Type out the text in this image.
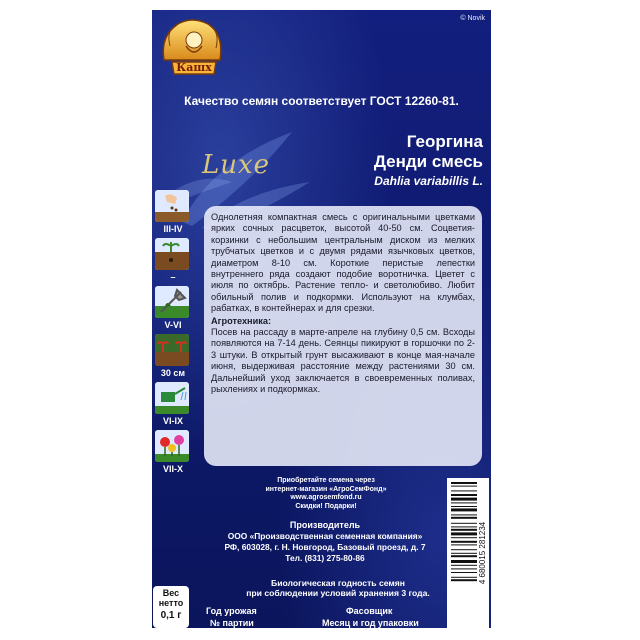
© Novik
Кашх
Качество семян соответствует ГОСТ 12260-81.
Luxe
Георгина
Денди смесь
Dahlia variabillis L.
III-IV
–
V-VI
30 см
VI-IX
VII-X

Однолетняя компактная смесь с оригинальными цветками ярких сочных расцветок, высотой 40-50 см. Соцветия-корзинки с небольшим центральным диском из мелких трубчатых цветков и с двумя рядами язычковых цветков, диаметром 8-10 см. Короткие перистые лепестки внутреннего ряда создают подобие воротничка. Цветет с июля по октябрь. Растение тепло- и светолюбиво. Любит обильный полив и подкормки. Используют на клумбах, рабатках, в контейнерах и для срезки.

Агротехника:

Посев на рассаду в марте-апреле на глубину 0,5 см. Всходы появляются на 7-14 день. Сеянцы пикируют в горшочки по 2-3 штуки. В открытый грунт высаживают в конце мая-начале июня, выдерживая расстояние между растениями 30 см. Дальнейший уход заключается в своевременных поливах, рыхлениях и подкормках.

Приобретайте семена через
интернет-магазин «АгроСемФонд»
www.agrosemfond.ru
Скидки! Подарки!
Производитель
ООО «Производственная семенная компания»
РФ, 603028, г. Н. Новгород, Базовый проезд, д. 7
Тел. (831) 275-80-86
Биологическая годность семян
при соблюдении условий хранения 3 года.
Вес
нетто
0,1 г	Год урожая
№ партии
Фасовщик
Месяц и год упаковки
4 680015 281234
